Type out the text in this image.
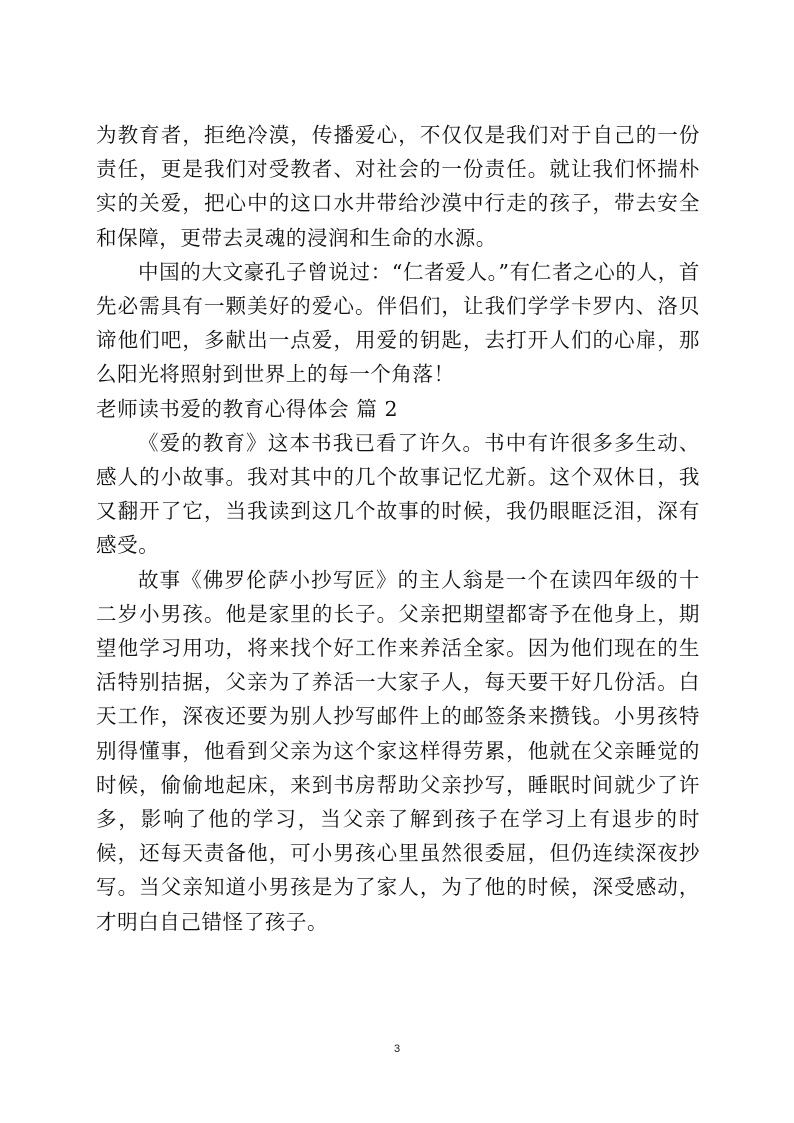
为教育者，拒绝冷漠，传播爱心，不仅仅是我们对于自己的一份责任，更是我们对受教者、对社会的一份责任。就让我们怀揣朴实的关爱，把心中的这口水井带给沙漠中行走的孩子，带去安全和保障，更带去灵魂的浸润和生命的水源。

中国的大文豪孔子曾说过：“仁者爱人。”有仁者之心的人，首先必需具有一颗美好的爱心。伴侣们，让我们学学卡罗内、洛贝谛他们吧，多献出一点爱，用爱的钥匙，去打开人们的心扉，那么阳光将照射到世界上的每一个角落！

老师读书爱的教育心得体会 篇 2

《爱的教育》这本书我已看了许久。书中有许很多多生动、感人的小故事。我对其中的几个故事记忆尤新。这个双休日，我又翻开了它，当我读到这几个故事的时候，我仍眼眶泛泪，深有感受。

故事《佛罗伦萨小抄写匠》的主人翁是一个在读四年级的十二岁小男孩。他是家里的长子。父亲把期望都寄予在他身上，期望他学习用功，将来找个好工作来养活全家。因为他们现在的生活特别拮据，父亲为了养活一大家子人，每天要干好几份活。白天工作，深夜还要为别人抄写邮件上的邮签条来攒钱。小男孩特别得懂事，他看到父亲为这个家这样得劳累，他就在父亲睡觉的时候，偷偷地起床，来到书房帮助父亲抄写，睡眠时间就少了许多，影响了他的学习，当父亲了解到孩子在学习上有退步的时候，还每天责备他，可小男孩心里虽然很委屈，但仍连续深夜抄写。当父亲知道小男孩是为了家人，为了他的时候，深受感动，才明白自己错怪了孩子。

3
